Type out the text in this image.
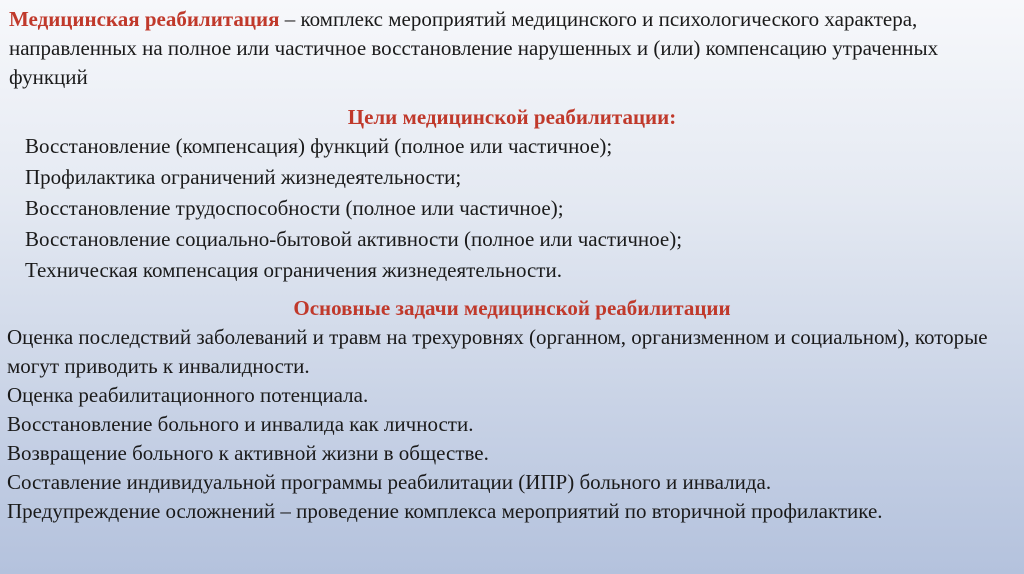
Медицинская реабилитация – комплекс мероприятий медицинского и психологического характера, направленных на полное или частичное восстановление нарушенных и (или) компенсацию утраченных функций

Цели медицинской реабилитации:
Восстановление (компенсация) функций (полное или частичное);
Профилактика ограничений жизнедеятельности;
Восстановление трудоспособности (полное или частичное);
Восстановление социально-бытовой активности (полное или частичное);
Техническая компенсация ограничения жизнедеятельности.
Основные задачи медицинской реабилитации
Оценка последствий заболеваний и травм на трехуровнях (органном, организменном и социальном), которые могут приводить к инвалидности.
Оценка реабилитационного потенциала.
Восстановление больного и инвалида как личности.
Возвращение больного к активной жизни в обществе.
Составление индивидуальной программы реабилитации (ИПР) больного и инвалида.
Предупреждение осложнений – проведение комплекса мероприятий по вторичной профилактике.
